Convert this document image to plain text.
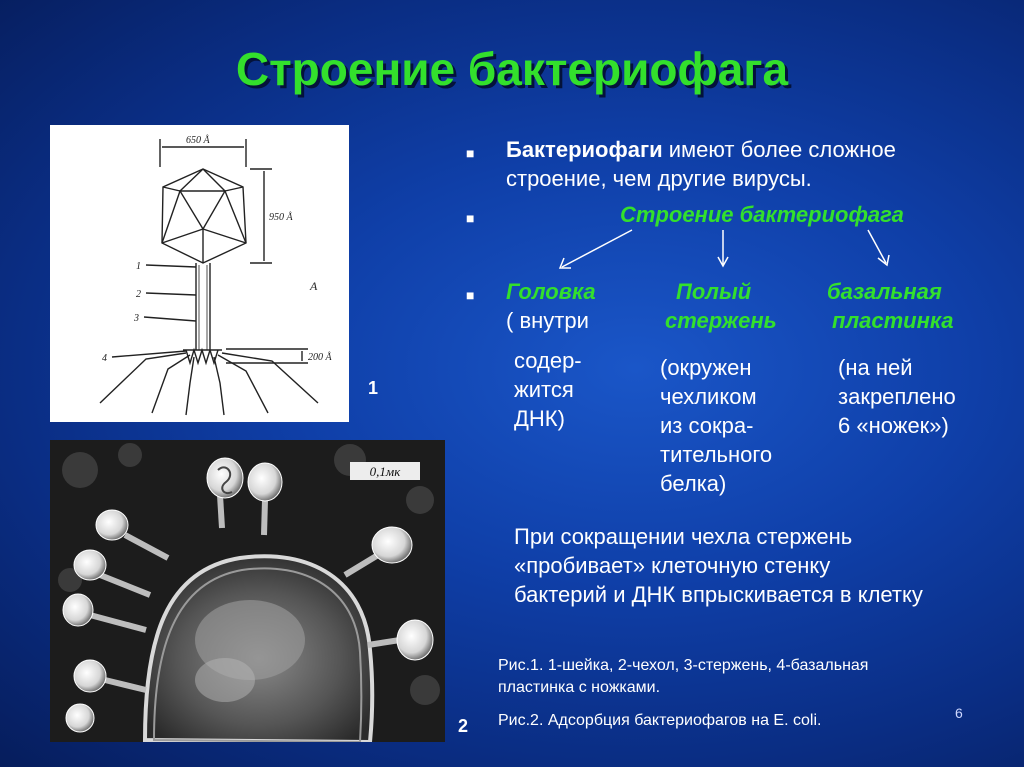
Строение бактериофага
650 Å
950 Å
200 Å
А
1
2
3
4
1
0,1мк
2
■ Бактериофаги имеют более сложное строение, чем другие вирусы.
■	Строение бактериофага
■ Головка
( внутри
содер-
жится
ДНК)
Полый
стержень
(окружен
чехликом
из сокра-
тительного
белка)
базальная
пластинка
(на ней
закреплено
6 «ножек»)
При сокращении чехла стержень
«пробивает» клеточную стенку
бактерий и ДНК впрыскивается в клетку
Рис.1. 1-шейка, 2-чехол, 3-стержень, 4-базальная
пластинка с ножками.
Рис.2. Адсорбция бактериофагов на E. coli.	6
